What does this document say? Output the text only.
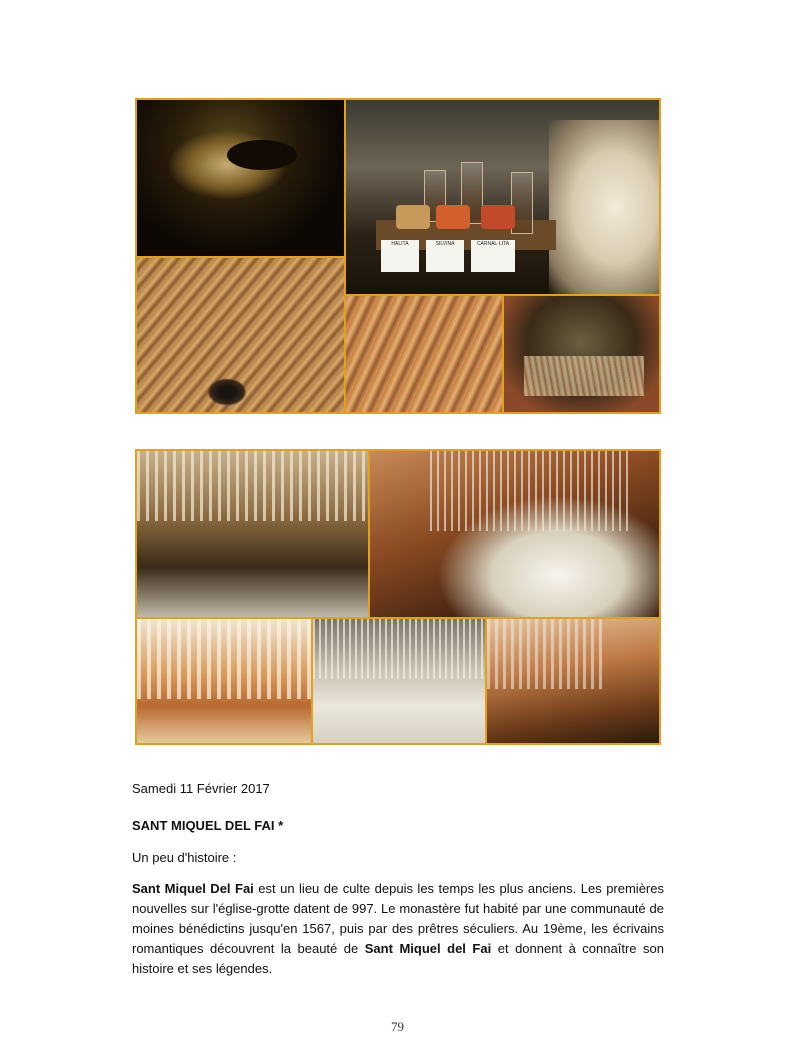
HALITA	SILVINA	CARNAL·LITA
Samedi 11 Février 2017
SANT MIQUEL DEL FAI *
Un peu d'histoire :
Sant Miquel Del Fai est un lieu de culte depuis les temps les plus anciens. Les premières nouvelles sur l'église-grotte datent de 997. Le monastère fut habité par une communauté de moines bénédictins jusqu'en 1567, puis par des prêtres séculiers. Au 19ème, les écrivains romantiques découvrent la beauté de Sant Miquel del Fai et donnent à connaître son histoire et ses légendes.
79
